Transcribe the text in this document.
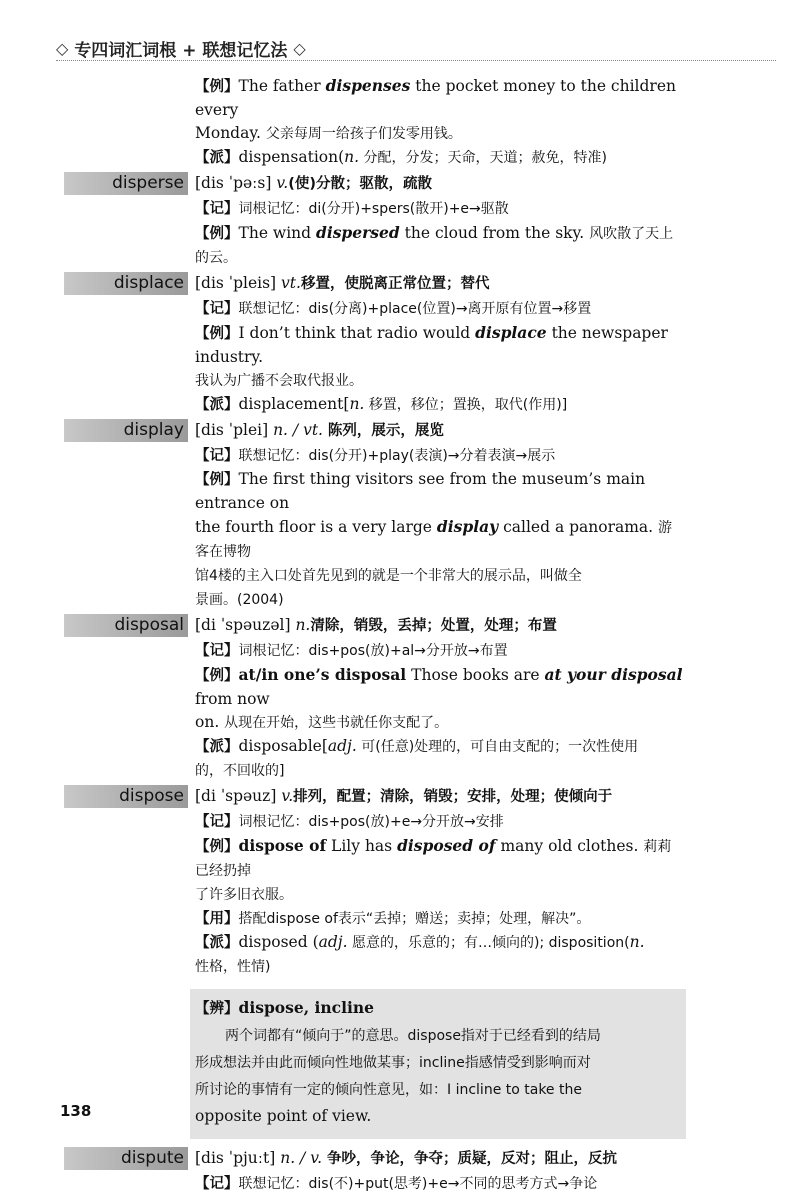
◇ 专四词汇词根 + 联想记忆法 ◇
【例】The father dispenses the pocket money to the children every
Monday. 父亲每周一给孩子们发零用钱。
【派】dispensation(n. 分配，分发；天命，天道；赦免，特准)
disperse [dis ˈpəːs] v.(使)分散；驱散，疏散
【记】词根记忆：di(分开)+spers(散开)+e→驱散
【例】The wind dispersed the cloud from the sky. 风吹散了天上的云。
displace [dis ˈpleis] vt.移置，使脱离正常位置；替代
【记】联想记忆：dis(分离)+place(位置)→离开原有位置→移置
【例】I don’t think that radio would displace the newspaper industry.
我认为广播不会取代报业。
【派】displacement[n. 移置，移位；置换，取代(作用)]
display [dis ˈplei] n. / vt. 陈列，展示，展览
【记】联想记忆：dis(分开)+play(表演)→分着表演→展示
【例】The first thing visitors see from the museum’s main entrance on
the fourth floor is a very large display called a panorama. 游客在博物
馆4楼的主入口处首先见到的就是一个非常大的展示品，叫做全
景画。(2004)
disposal [di ˈspəuzəl] n.清除，销毁，丢掉；处置，处理；布置
【记】词根记忆：dis+pos(放)+al→分开放→布置
【例】at/in one’s disposal Those books are at your disposal from now
on. 从现在开始，这些书就任你支配了。
【派】disposable[adj. 可(任意)处理的，可自由支配的；一次性使用
的，不回收的]
dispose [di ˈspəuz] v.排列，配置；清除，销毁；安排，处理；使倾向于
【记】词根记忆：dis+pos(放)+e→分开放→安排
【例】dispose of Lily has disposed of many old clothes. 莉莉已经扔掉
了许多旧衣服。
【用】搭配dispose of表示“丢掉；赠送；卖掉；处理，解决”。
【派】disposed (adj. 愿意的，乐意的；有…倾向的); disposition(n.
性格，性情)
【辨】dispose, incline
两个词都有“倾向于”的意思。dispose指对于已经看到的结局
形成想法并由此而倾向性地做某事；incline指感情受到影响而对
所讨论的事情有一定的倾向性意见，如：I incline to take the
opposite point of view.
dispute [dis ˈpjuːt] n. / v. 争吵，争论，争夺；质疑，反对；阻止，反抗
【记】联想记忆：dis(不)+put(思考)+e→不同的思考方式→争论
138
